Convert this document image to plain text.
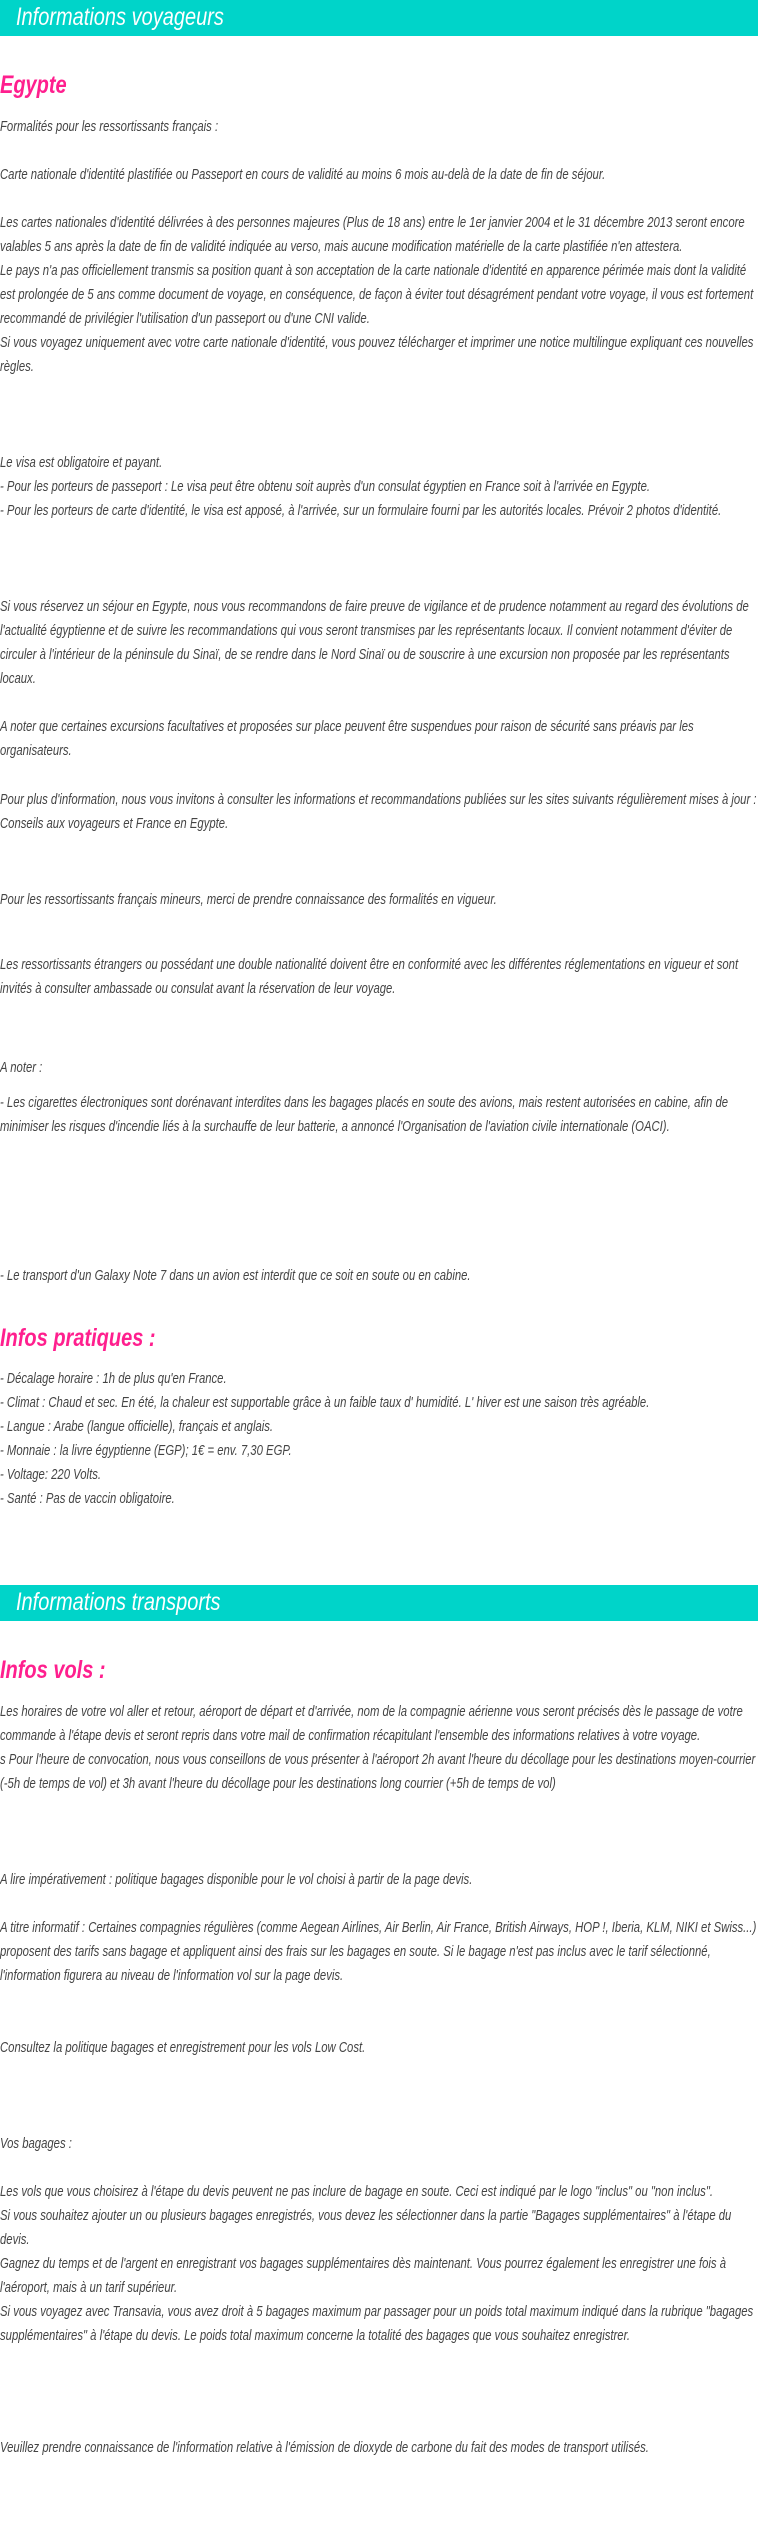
Informations voyageurs
Egypte
Formalités pour les ressortissants français :
Carte nationale d'identité plastifiée ou Passeport en cours de validité au moins 6 mois au-delà de la date de fin de séjour.
Les cartes nationales d'identité délivrées à des personnes majeures (Plus de 18 ans) entre le 1er janvier 2004 et le 31 décembre 2013 seront encore valables 5 ans après la date de fin de validité indiquée au verso, mais aucune modification matérielle de la carte plastifiée n'en attestera.
Le pays n'a pas officiellement transmis sa position quant à son acceptation de la carte nationale d'identité en apparence périmée mais dont la validité est prolongée de 5 ans comme document de voyage, en conséquence, de façon à éviter tout désagrément pendant votre voyage, il vous est fortement recommandé de privilégier l'utilisation d'un passeport ou d'une CNI valide.
Si vous voyagez uniquement avec votre carte nationale d'identité, vous pouvez télécharger et imprimer une notice multilingue expliquant ces nouvelles règles.
Le visa est obligatoire et payant.
- Pour les porteurs de passeport : Le visa peut être obtenu soit auprès d'un consulat égyptien en France soit à l'arrivée en Egypte.
- Pour les porteurs de carte d'identité, le visa est apposé, à l'arrivée, sur un formulaire fourni par les autorités locales. Prévoir 2 photos d'identité.
Si vous réservez un séjour en Egypte, nous vous recommandons de faire preuve de vigilance et de prudence notamment au regard des évolutions de l'actualité égyptienne et de suivre les recommandations qui vous seront transmises par les représentants locaux. Il convient notamment d'éviter de circuler à l'intérieur de la péninsule du Sinaï, de se rendre dans le Nord Sinaï ou de souscrire à une excursion non proposée par les représentants locaux.
A noter que certaines excursions facultatives et proposées sur place peuvent être suspendues pour raison de sécurité sans préavis par les organisateurs.
Pour plus d'information, nous vous invitons à consulter les informations et recommandations publiées sur les sites suivants régulièrement mises à jour : Conseils aux voyageurs et France en Egypte.
Pour les ressortissants français mineurs, merci de prendre connaissance des formalités en vigueur.
Les ressortissants étrangers ou possédant une double nationalité doivent être en conformité avec les différentes réglementations en vigueur et sont invités à consulter ambassade ou consulat avant la réservation de leur voyage.
A noter :
- Les cigarettes électroniques sont dorénavant interdites dans les bagages placés en soute des avions, mais restent autorisées en cabine, afin de minimiser les risques d'incendie liés à la surchauffe de leur batterie, a annoncé l'Organisation de l'aviation civile internationale (OACI).
- Le transport d'un Galaxy Note 7 dans un avion est interdit que ce soit en soute ou en cabine.
Infos pratiques :
- Décalage horaire : 1h de plus qu'en France.
- Climat : Chaud et sec. En été, la chaleur est supportable grâce à un faible taux d' humidité. L' hiver est une saison très agréable.
- Langue : Arabe (langue officielle), français et anglais.
- Monnaie : la livre égyptienne (EGP); 1€ = env. 7,30 EGP.
- Voltage: 220 Volts.
- Santé : Pas de vaccin obligatoire.
Informations transports
Infos vols :
Les horaires de votre vol aller et retour, aéroport de départ et d'arrivée, nom de la compagnie aérienne vous seront précisés dès le passage de votre commande à l'étape devis et seront repris dans votre mail de confirmation récapitulant l'ensemble des informations relatives à votre voyage.
s Pour l'heure de convocation, nous vous conseillons de vous présenter à l'aéroport 2h avant l'heure du décollage pour les destinations moyen-courrier (-5h de temps de vol) et 3h avant l'heure du décollage pour les destinations long courrier (+5h de temps de vol)
A lire impérativement : politique bagages disponible pour le vol choisi à partir de la page devis.
A titre informatif : Certaines compagnies régulières (comme Aegean Airlines, Air Berlin, Air France, British Airways, HOP !, Iberia, KLM, NIKI et Swiss...) proposent des tarifs sans bagage et appliquent ainsi des frais sur les bagages en soute. Si le bagage n'est pas inclus avec le tarif sélectionné, l'information figurera au niveau de l'information vol sur la page devis.
Consultez la politique bagages et enregistrement pour les vols Low Cost.
Vos bagages :
Les vols que vous choisirez à l'étape du devis peuvent ne pas inclure de bagage en soute. Ceci est indiqué par le logo "inclus" ou "non inclus".
Si vous souhaitez ajouter un ou plusieurs bagages enregistrés, vous devez les sélectionner dans la partie "Bagages supplémentaires" à l'étape du devis.
Gagnez du temps et de l'argent en enregistrant vos bagages supplémentaires dès maintenant. Vous pourrez également les enregistrer une fois à l'aéroport, mais à un tarif supérieur.
Si vous voyagez avec Transavia, vous avez droit à 5 bagages maximum par passager pour un poids total maximum indiqué dans la rubrique "bagages supplémentaires" à l'étape du devis. Le poids total maximum concerne la totalité des bagages que vous souhaitez enregistrer.
Veuillez prendre connaissance de l'information relative à l'émission de dioxyde de carbone du fait des modes de transport utilisés.
